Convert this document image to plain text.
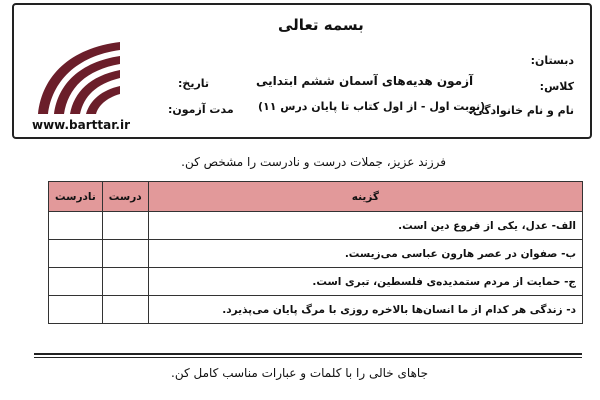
www.barttar.ir
بسمه تعالی
آزمون هدیه‌های آسمان ششم ابتدایی
(نوبت اول - از اول کتاب تا پایان درس ۱۱)
دبستان:
کلاس:
نام و نام خانوادگی:
تاریخ:
مدت آزمون:
فرزند عزیز، جملات درست و نادرست را مشخص کن.
نادرست	درست	گزینه
		الف- عدل، یکی از فروع دین است.
		ب- صفوان در عصر هارون عباسی می‌زیست.
		ج- حمایت از مردم ستمدیده‌ی فلسطین، تبری است.
		د- زندگی هر کدام از ما انسان‌ها بالاخره روزی با مرگ پایان می‌پذیرد.
جاهای خالی را با کلمات و عبارات مناسب کامل کن.
